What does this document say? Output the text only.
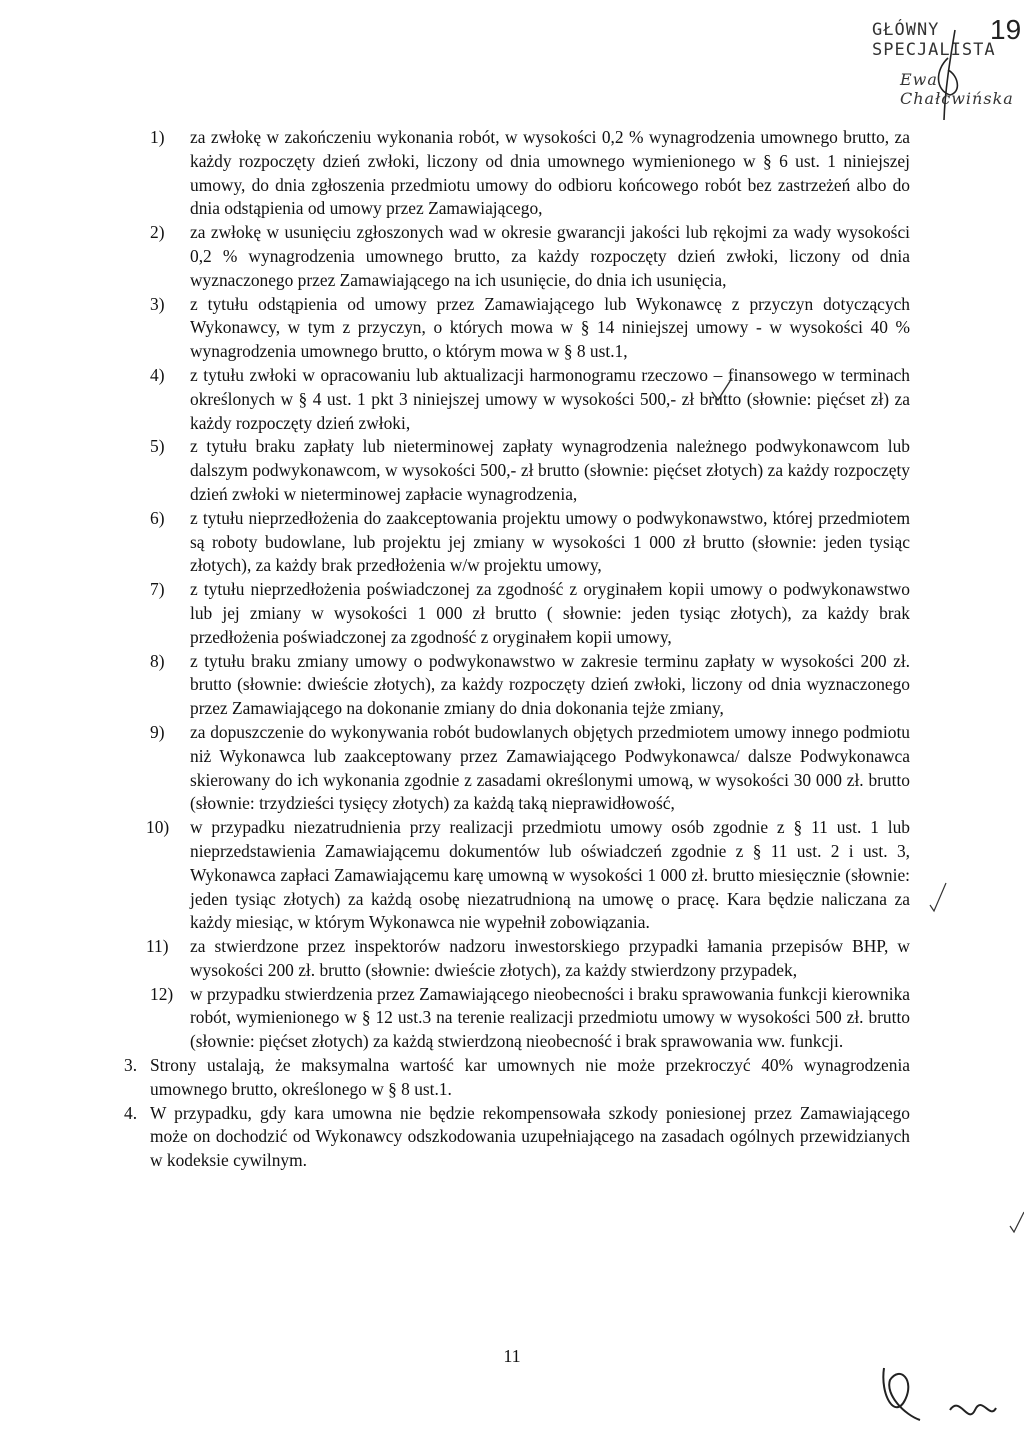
GŁÓWNY SPECJALISTA
19
Ewa Chałcwińska
1)	za zwłokę w zakończeniu wykonania robót, w wysokości 0,2 % wynagrodzenia umownego brutto, za każdy rozpoczęty dzień zwłoki, liczony od dnia umownego wymienionego w § 6 ust. 1 niniejszej umowy, do dnia zgłoszenia przedmiotu umowy do odbioru końcowego robót bez zastrzeżeń albo do dnia odstąpienia od umowy przez Zamawiającego,
2)	za zwłokę w usunięciu zgłoszonych wad w okresie gwarancji jakości lub rękojmi za wady wysokości 0,2 % wynagrodzenia umownego brutto, za każdy rozpoczęty dzień zwłoki, liczony od dnia wyznaczonego przez Zamawiającego na ich usunięcie, do dnia ich usunięcia,
3)	z tytułu odstąpienia od umowy przez Zamawiającego lub Wykonawcę z przyczyn dotyczących Wykonawcy, w tym z przyczyn, o których mowa w § 14 niniejszej umowy - w wysokości 40 % wynagrodzenia umownego brutto, o którym mowa w § 8 ust.1,
4)	z tytułu zwłoki w opracowaniu lub aktualizacji harmonogramu rzeczowo – finansowego w terminach określonych w § 4 ust. 1 pkt 3 niniejszej umowy w wysokości 500,- zł brutto (słownie: pięćset zł) za każdy rozpoczęty dzień zwłoki,
5)	z tytułu braku zapłaty lub nieterminowej zapłaty wynagrodzenia należnego podwykonawcom lub dalszym podwykonawcom, w wysokości 500,- zł brutto (słownie: pięćset złotych) za każdy rozpoczęty dzień zwłoki w nieterminowej zapłacie wynagrodzenia,
6)	z tytułu nieprzedłożenia do zaakceptowania projektu umowy o podwykonawstwo, której przedmiotem są roboty budowlane, lub projektu jej zmiany w wysokości 1 000 zł brutto (słownie: jeden tysiąc złotych), za każdy brak przedłożenia w/w projektu umowy,
7)	z tytułu nieprzedłożenia poświadczonej za zgodność z oryginałem kopii umowy o podwykonawstwo lub jej zmiany w wysokości 1 000 zł brutto ( słownie: jeden tysiąc złotych), za każdy brak przedłożenia poświadczonej za zgodność z oryginałem kopii umowy,
8)	z tytułu braku zmiany umowy o podwykonawstwo w zakresie terminu zapłaty w wysokości 200 zł. brutto (słownie: dwieście złotych), za każdy rozpoczęty dzień zwłoki, liczony od dnia wyznaczonego przez Zamawiającego na dokonanie zmiany do dnia dokonania tejże zmiany,
9)	za dopuszczenie do wykonywania robót budowlanych objętych przedmiotem umowy innego podmiotu niż Wykonawca lub zaakceptowany przez Zamawiającego Podwykonawca/ dalsze Podwykonawca skierowany do ich wykonania zgodnie z zasadami określonymi umową, w wysokości 30 000 zł. brutto (słownie: trzydzieści tysięcy złotych) za każdą taką nieprawidłowość,
10)	w przypadku niezatrudnienia przy realizacji przedmiotu umowy osób zgodnie z § 11 ust. 1 lub nieprzedstawienia Zamawiającemu dokumentów lub oświadczeń zgodnie z § 11 ust. 2 i ust. 3, Wykonawca zapłaci Zamawiającemu karę umowną w wysokości 1 000 zł. brutto miesięcznie (słownie: jeden tysiąc złotych) za każdą osobę niezatrudnioną na umowę o pracę. Kara będzie naliczana za każdy miesiąc, w którym Wykonawca nie wypełnił zobowiązania.
11)	za stwierdzone przez inspektorów nadzoru inwestorskiego przypadki łamania przepisów BHP, w wysokości 200 zł. brutto (słownie: dwieście złotych), za każdy stwierdzony przypadek,
12) w przypadku stwierdzenia przez Zamawiającego nieobecności i braku sprawowania funkcji kierownika robót, wymienionego w § 12 ust.3 na terenie realizacji przedmiotu umowy w wysokości 500 zł. brutto (słownie: pięćset złotych) za każdą stwierdzoną nieobecność i brak sprawowania ww. funkcji.

3. Strony ustalają, że maksymalna wartość kar umownych nie może przekroczyć 40% wynagrodzenia umownego brutto, określonego w § 8 ust.1.

4. W przypadku, gdy kara umowna nie będzie rekompensowała szkody poniesionej przez Zamawiającego może on dochodzić od Wykonawcy odszkodowania uzupełniającego na zasadach ogólnych przewidzianych w kodeksie cywilnym.

11
